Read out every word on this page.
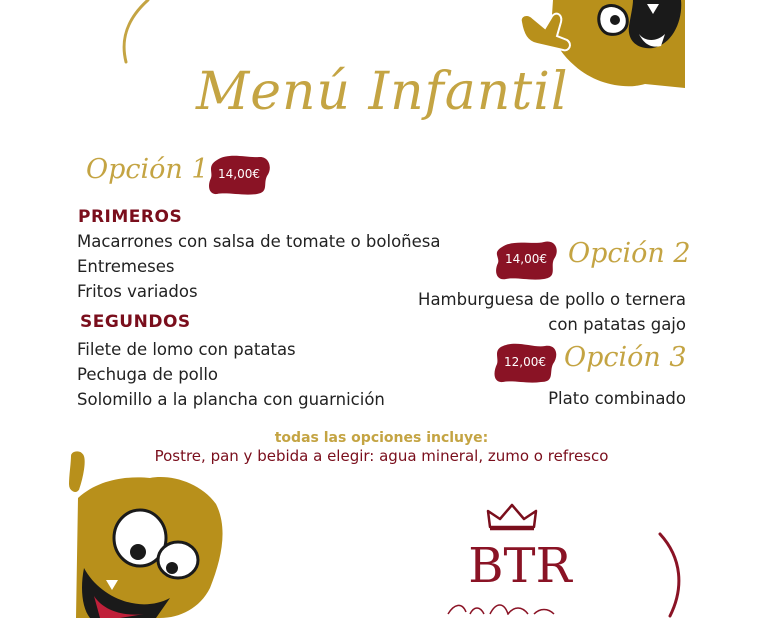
Menú Infantil
Opción 1 14,00€
PRIMEROS
Macarrones con salsa de tomate o boloñesa
Entremeses
Fritos variados
SEGUNDOS
Filete de lomo con patatas
Pechuga de pollo
Solomillo a la plancha con guarnición
14,00€ Opción 2
Hamburguesa de pollo o ternera
con patatas gajo
12,00€ Opción 3
Plato combinado
todas las opciones incluye:
Postre, pan y bebida a elegir: agua mineral, zumo o refresco
BTR
